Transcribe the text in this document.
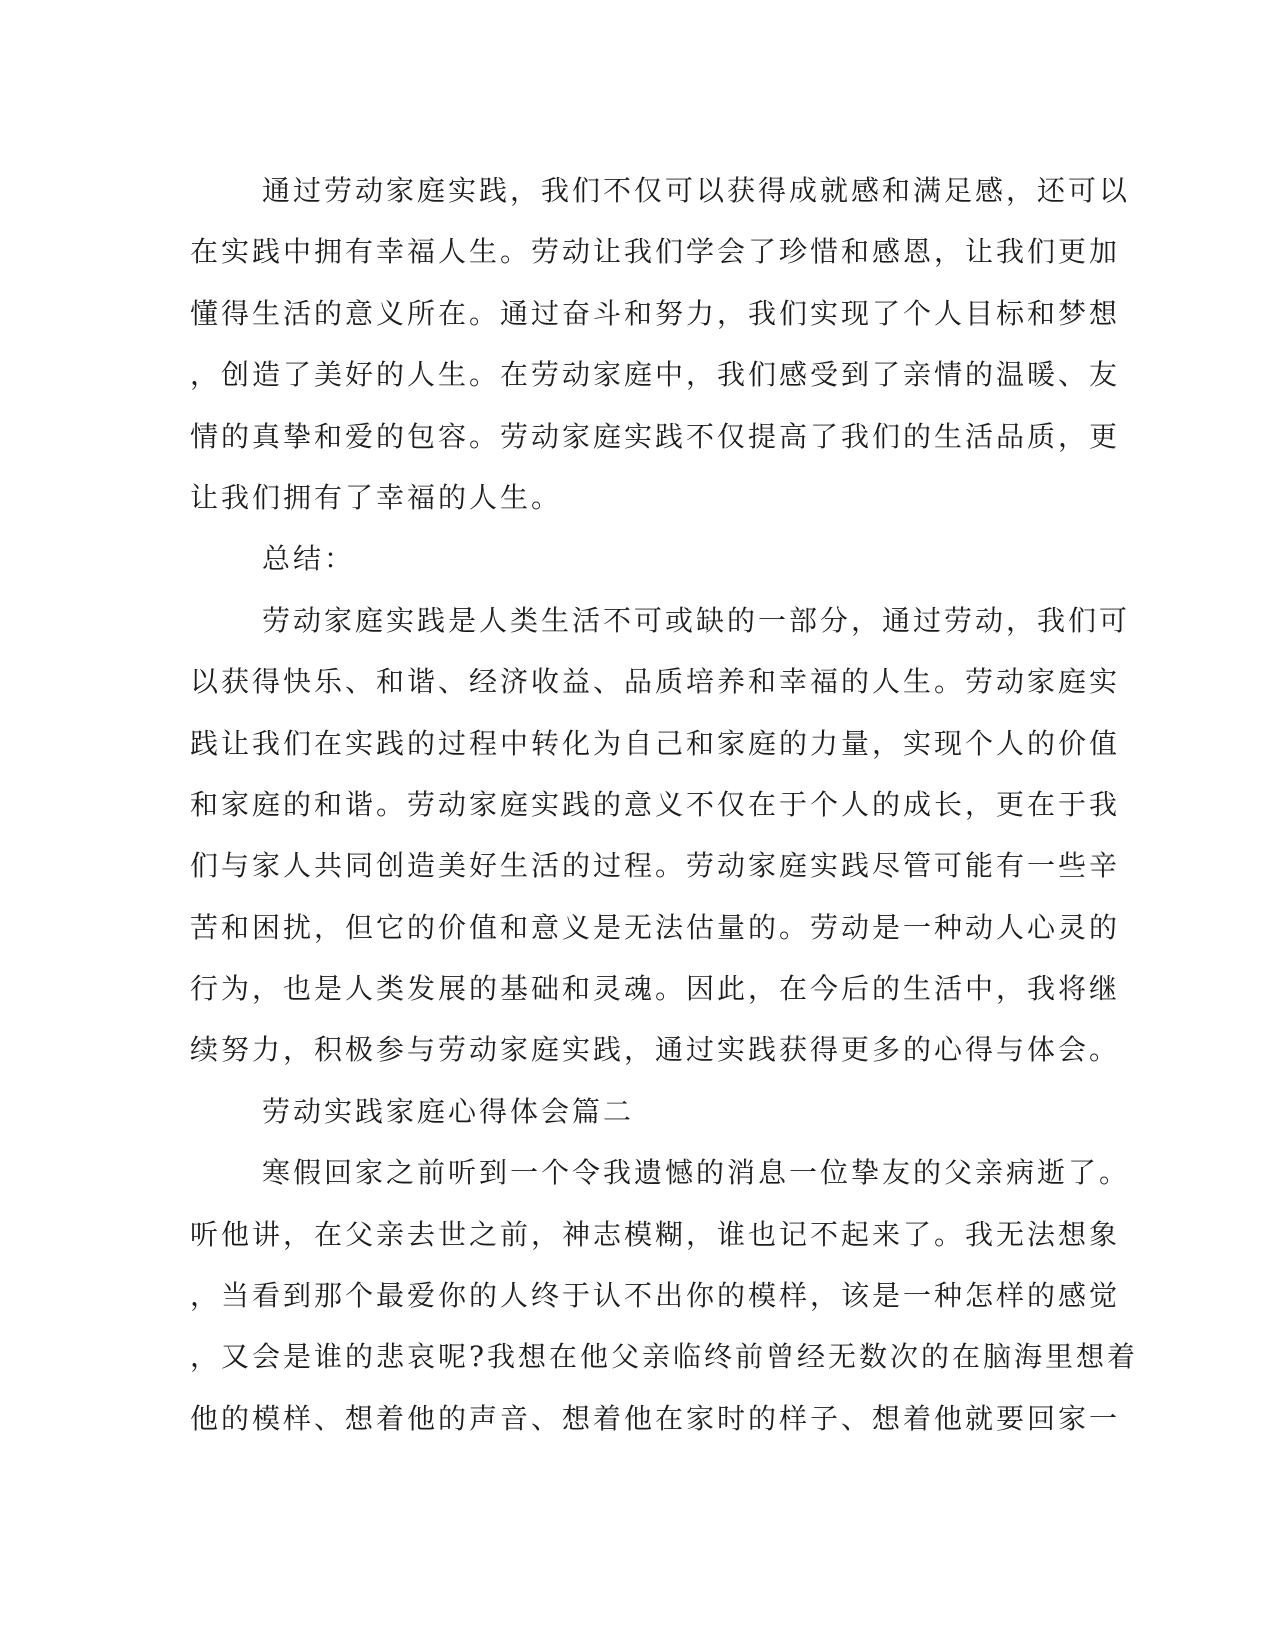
通过劳动家庭实践，我们不仅可以获得成就感和满足感，还可以
在实践中拥有幸福人生。劳动让我们学会了珍惜和感恩，让我们更加
懂得生活的意义所在。通过奋斗和努力，我们实现了个人目标和梦想
，创造了美好的人生。在劳动家庭中，我们感受到了亲情的温暖、友
情的真挚和爱的包容。劳动家庭实践不仅提高了我们的生活品质，更
让我们拥有了幸福的人生。
总结：
劳动家庭实践是人类生活不可或缺的一部分，通过劳动，我们可
以获得快乐、和谐、经济收益、品质培养和幸福的人生。劳动家庭实
践让我们在实践的过程中转化为自己和家庭的力量，实现个人的价值
和家庭的和谐。劳动家庭实践的意义不仅在于个人的成长，更在于我
们与家人共同创造美好生活的过程。劳动家庭实践尽管可能有一些辛
苦和困扰，但它的价值和意义是无法估量的。劳动是一种动人心灵的
行为，也是人类发展的基础和灵魂。因此，在今后的生活中，我将继
续努力，积极参与劳动家庭实践，通过实践获得更多的心得与体会。
劳动实践家庭心得体会篇二
寒假回家之前听到一个令我遗憾的消息一位挚友的父亲病逝了。
听他讲，在父亲去世之前，神志模糊，谁也记不起来了。我无法想象
，当看到那个最爱你的人终于认不出你的模样，该是一种怎样的感觉
，又会是谁的悲哀呢?我想在他父亲临终前曾经无数次的在脑海里想着
他的模样、想着他的声音、想着他在家时的样子、想着他就要回家一
